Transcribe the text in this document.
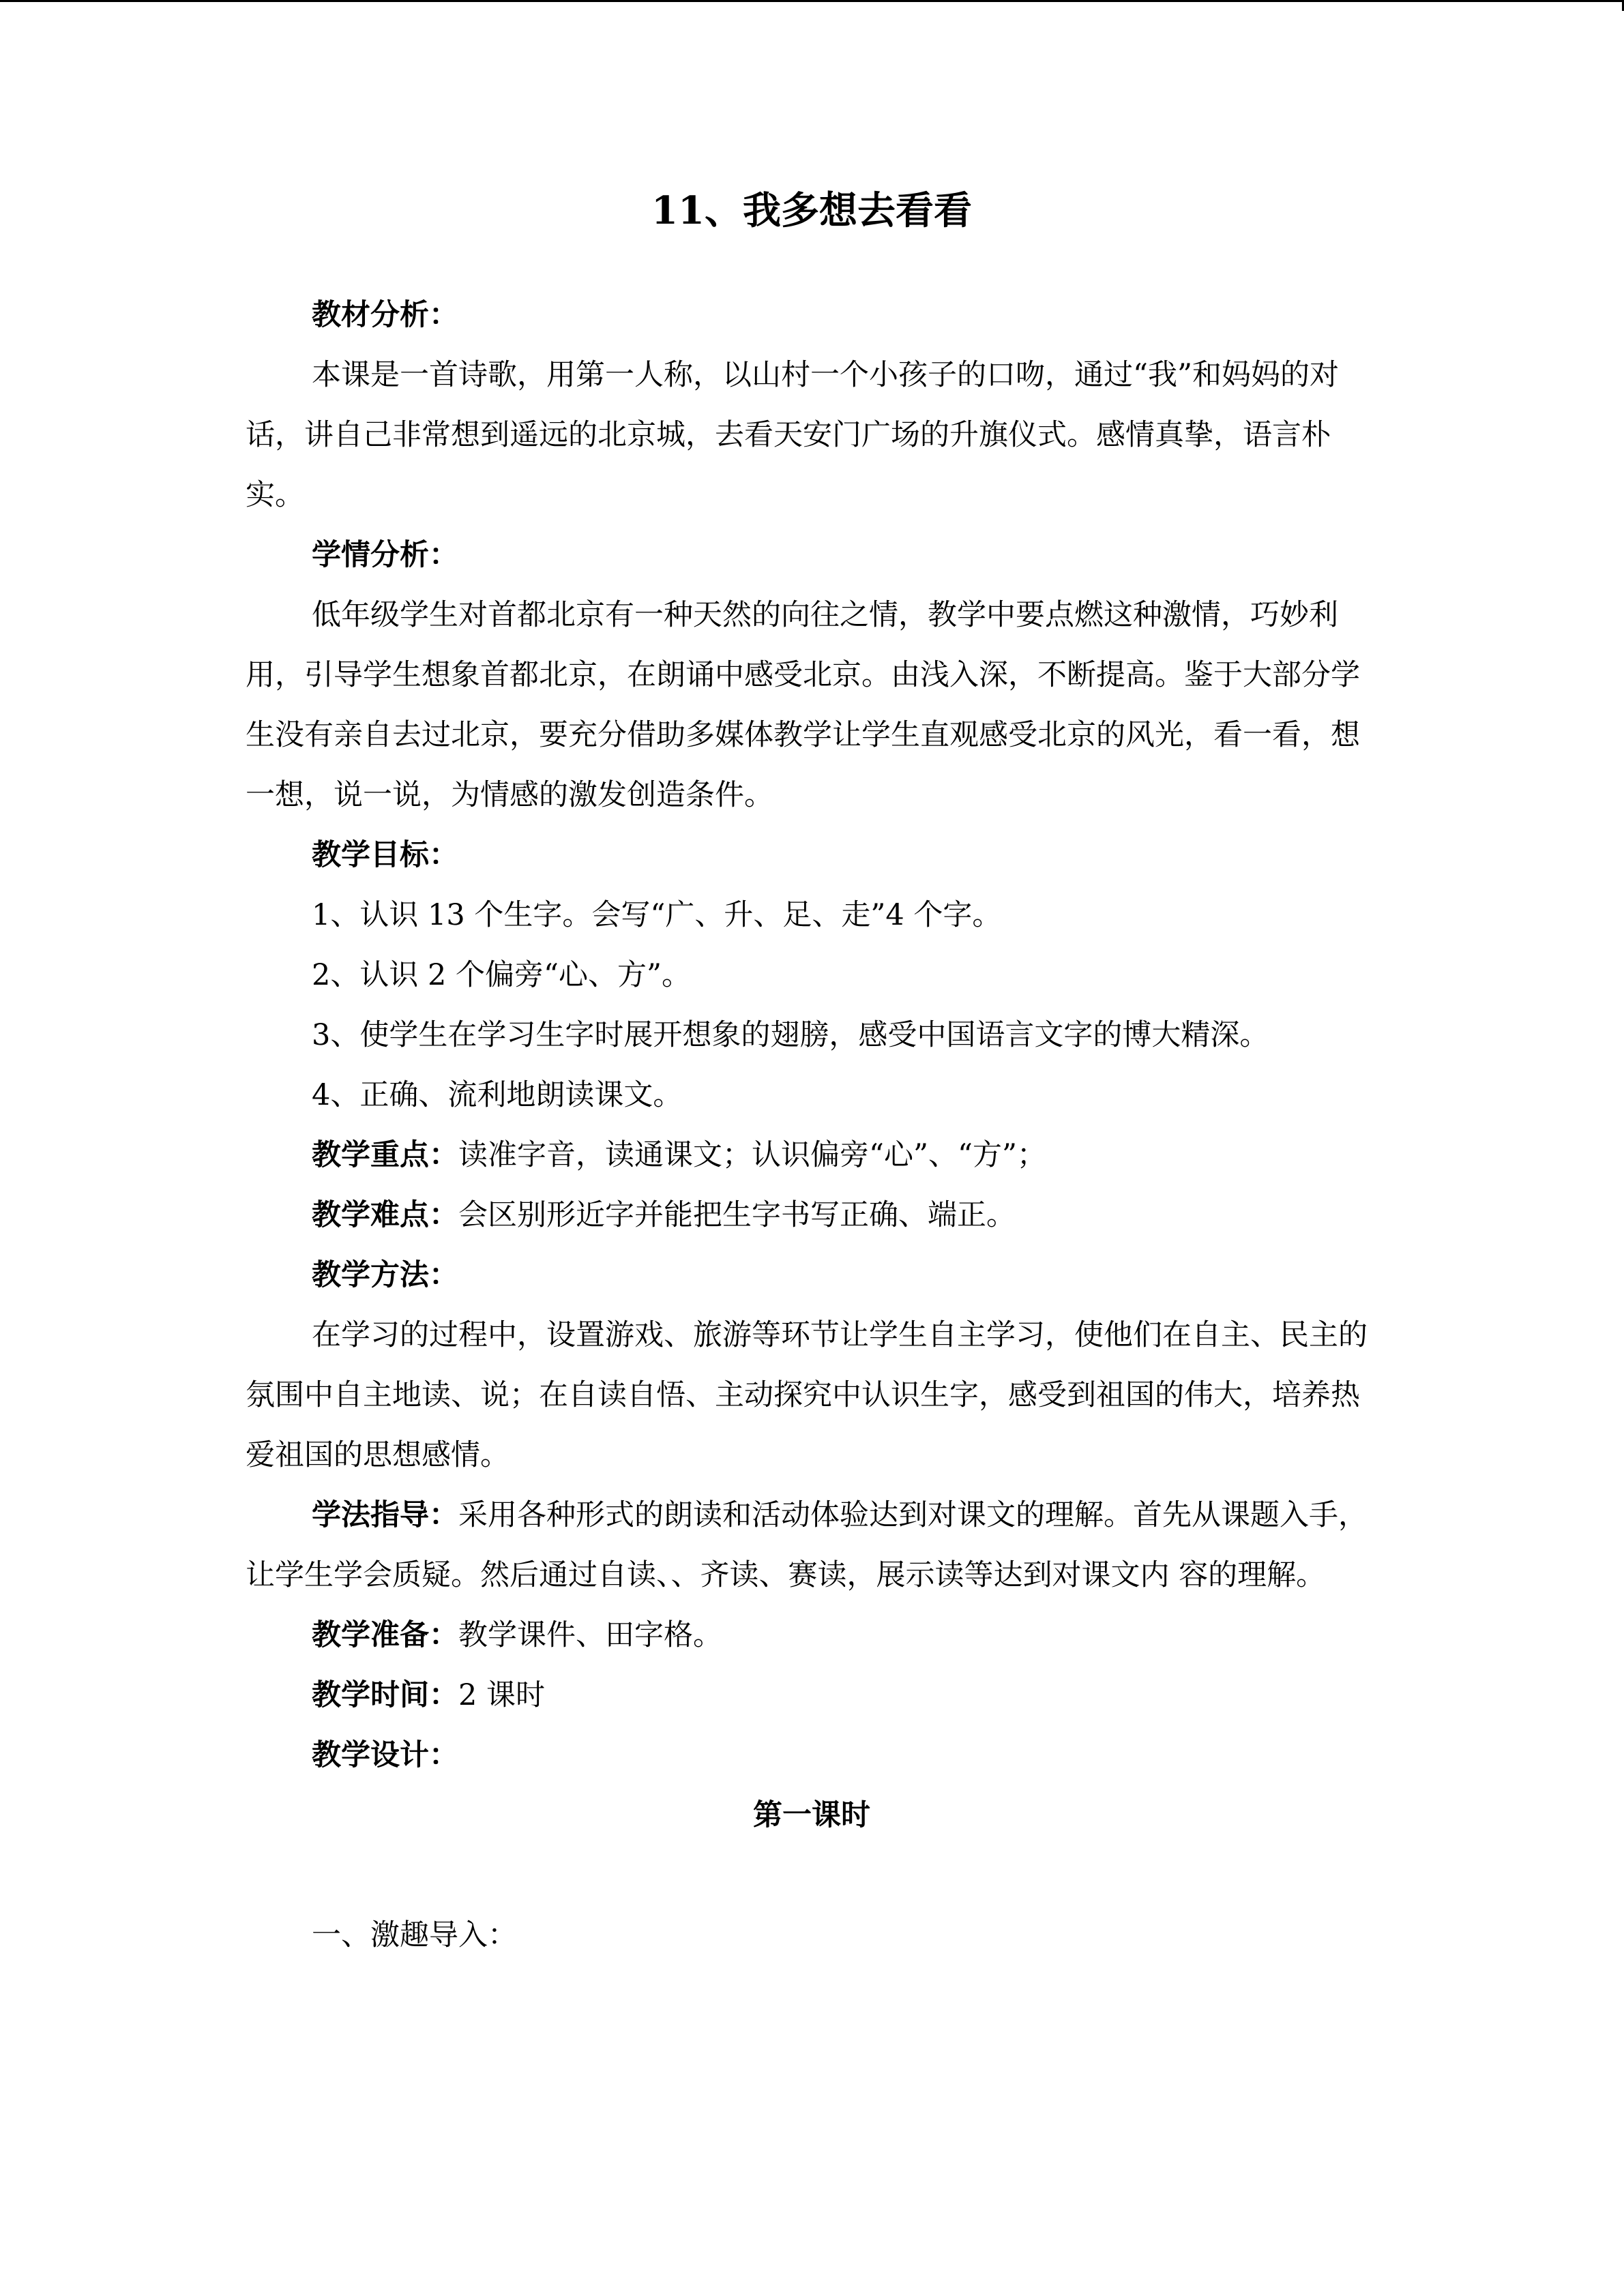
11、我多想去看看

教材分析：

本课是一首诗歌，用第一人称，以山村一个小孩子的口吻，通过“我”和妈妈的对话，讲自己非常想到遥远的北京城，去看天安门广场的升旗仪式。感情真挚，语言朴实。

学情分析：

低年级学生对首都北京有一种天然的向往之情，教学中要点燃这种激情，巧妙利用，引导学生想象首都北京，在朗诵中感受北京。由浅入深，不断提高。鉴于大部分学生没有亲自去过北京，要充分借助多媒体教学让学生直观感受北京的风光，看一看，想一想，说一说，为情感的激发创造条件。

教学目标：

1、认识 13 个生字。会写“广、升、足、走”4 个字。

2、认识 2 个偏旁“心、方”。

3、使学生在学习生字时展开想象的翅膀，感受中国语言文字的博大精深。

4、正确、流利地朗读课文。

教学重点：读准字音，读通课文；认识偏旁“心”、“方”；

教学难点：会区别形近字并能把生字书写正确、端正。

教学方法：

在学习的过程中，设置游戏、旅游等环节让学生自主学习，使他们在自主、民主的氛围中自主地读、说；在自读自悟、主动探究中认识生字，感受到祖国的伟大，培养热爱祖国的思想感情。

学法指导：采用各种形式的朗读和活动体验达到对课文的理解。首先从课题入手，让学生学会质疑。然后通过自读、、齐读、赛读，展示读等达到对课文内 容的理解。

教学准备：教学课件、田字格。

教学时间：2 课时

教学设计：

第一课时

一、激趣导入：
